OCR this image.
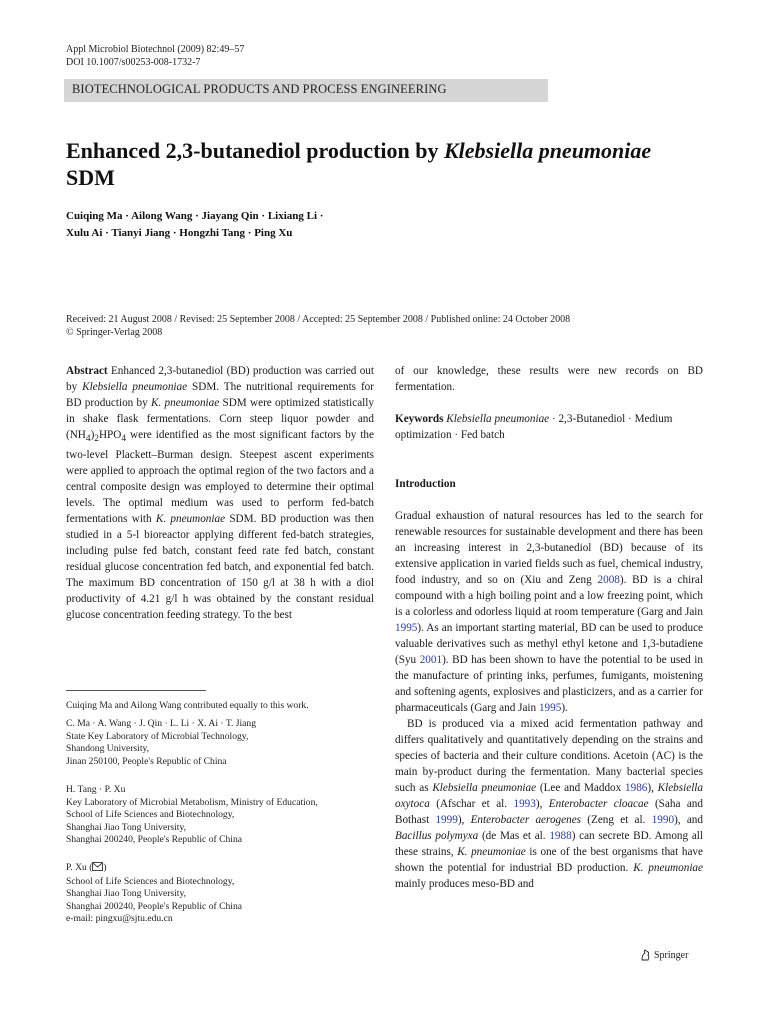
Appl Microbiol Biotechnol (2009) 82:49–57
DOI 10.1007/s00253-008-1732-7
BIOTECHNOLOGICAL PRODUCTS AND PROCESS ENGINEERING
Enhanced 2,3-butanediol production by Klebsiella pneumoniae SDM
Cuiqing Ma · Ailong Wang · Jiayang Qin · Lixiang Li ·
Xulu Ai · Tianyi Jiang · Hongzhi Tang · Ping Xu
Received: 21 August 2008 / Revised: 25 September 2008 / Accepted: 25 September 2008 / Published online: 24 October 2008
© Springer-Verlag 2008
Abstract Enhanced 2,3-butanediol (BD) production was carried out by Klebsiella pneumoniae SDM. The nutritional requirements for BD production by K. pneumoniae SDM were optimized statistically in shake flask fermentations. Corn steep liquor powder and $(NH_4)_2HPO_4$ were identified as the most significant factors by the two-level Plackett–Burman design. Steepest ascent experiments were applied to approach the optimal region of the two factors and a central composite design was employed to determine their optimal levels. The optimal medium was used to perform fed-batch fermentations with K. pneumoniae SDM. BD production was then studied in a 5-l bioreactor applying different fed-batch strategies, including pulse fed batch, constant feed rate fed batch, constant residual glucose concentration fed batch, and exponential fed batch. The maximum BD concentration of 150 g/l at 38 h with a diol productivity of 4.21 g/l h was obtained by the constant residual glucose concentration feeding strategy. To the best
of our knowledge, these results were new records on BD fermentation.
Keywords Klebsiella pneumoniae · 2,3-Butanediol · Medium optimization · Fed batch
Introduction
Gradual exhaustion of natural resources has led to the search for renewable resources for sustainable development and there has been an increasing interest in 2,3-butanediol (BD) because of its extensive application in varied fields such as fuel, chemical industry, food industry, and so on (Xiu and Zeng 2008). BD is a chiral compound with a high boiling point and a low freezing point, which is a colorless and odorless liquid at room temperature (Garg and Jain 1995). As an important starting material, BD can be used to produce valuable derivatives such as methyl ethyl ketone and 1,3-butadiene (Syu 2001). BD has been shown to have the potential to be used in the manufacture of printing inks, perfumes, fumigants, moistening and softening agents, explosives and plasticizers, and as a carrier for pharmaceuticals (Garg and Jain 1995).
BD is produced via a mixed acid fermentation pathway and differs qualitatively and quantitatively depending on the strains and species of bacteria and their culture conditions. Acetoin (AC) is the main by-product during the fermentation. Many bacterial species such as Klebsiella pneumoniae (Lee and Maddox 1986), Klebsiella oxytoca (Afschar et al. 1993), Enterobacter cloacae (Saha and Bothast 1999), Enterobacter aerogenes (Zeng et al. 1990), and Bacillus polymyxa (de Mas et al. 1988) can secrete BD. Among all these strains, K. pneumoniae is one of the best organisms that have shown the potential for industrial BD production. K. pneumoniae mainly produces meso-BD and
Cuiqing Ma and Ailong Wang contributed equally to this work.
C. Ma · A. Wang · J. Qin · L. Li · X. Ai · T. Jiang
State Key Laboratory of Microbial Technology,
Shandong University,
Jinan 250100, People's Republic of China
H. Tang · P. Xu
Key Laboratory of Microbial Metabolism, Ministry of Education,
School of Life Sciences and Biotechnology,
Shanghai Jiao Tong University,
Shanghai 200240, People's Republic of China
P. Xu ( )
School of Life Sciences and Biotechnology,
Shanghai Jiao Tong University,
Shanghai 200240, People's Republic of China
e-mail: pingxu@sjtu.edu.cn
Springer
